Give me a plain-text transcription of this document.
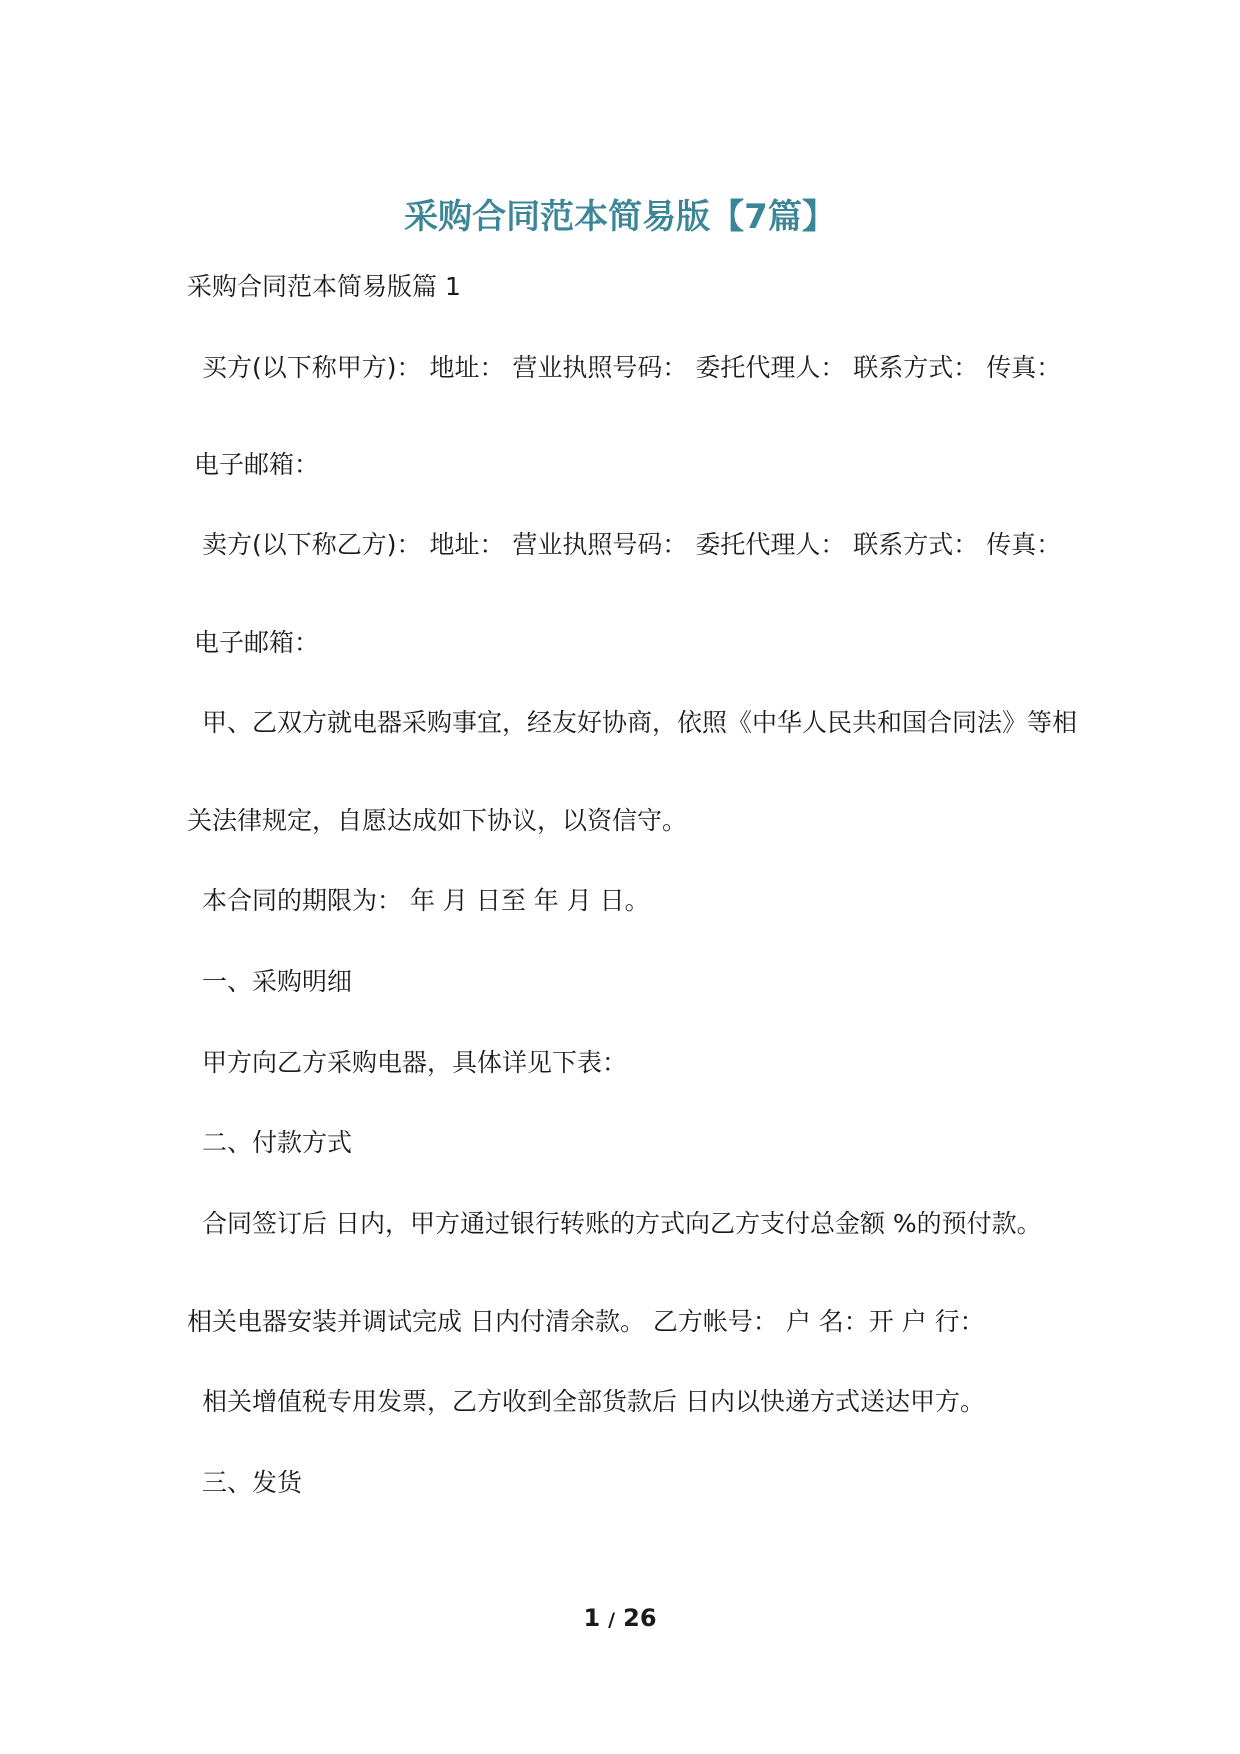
采购合同范本简易版【7篇】
采购合同范本简易版篇 1
买方(以下称甲方)： 地址： 营业执照号码： 委托代理人： 联系方式： 传真：
电子邮箱：
卖方(以下称乙方)： 地址： 营业执照号码： 委托代理人： 联系方式： 传真：
电子邮箱：
甲、乙双方就电器采购事宜，经友好协商，依照《中华人民共和国合同法》等相
关法律规定，自愿达成如下协议，以资信守。
本合同的期限为： 年 月 日至 年 月 日。
一、采购明细
甲方向乙方采购电器，具体详见下表：
二、付款方式
合同签订后 日内，甲方通过银行转账的方式向乙方支付总金额 %的预付款。
相关电器安装并调试完成 日内付清余款。 乙方帐号： 户 名：开 户 行：
相关增值税专用发票，乙方收到全部货款后 日内以快递方式送达甲方。
三、发货
1 / 26
